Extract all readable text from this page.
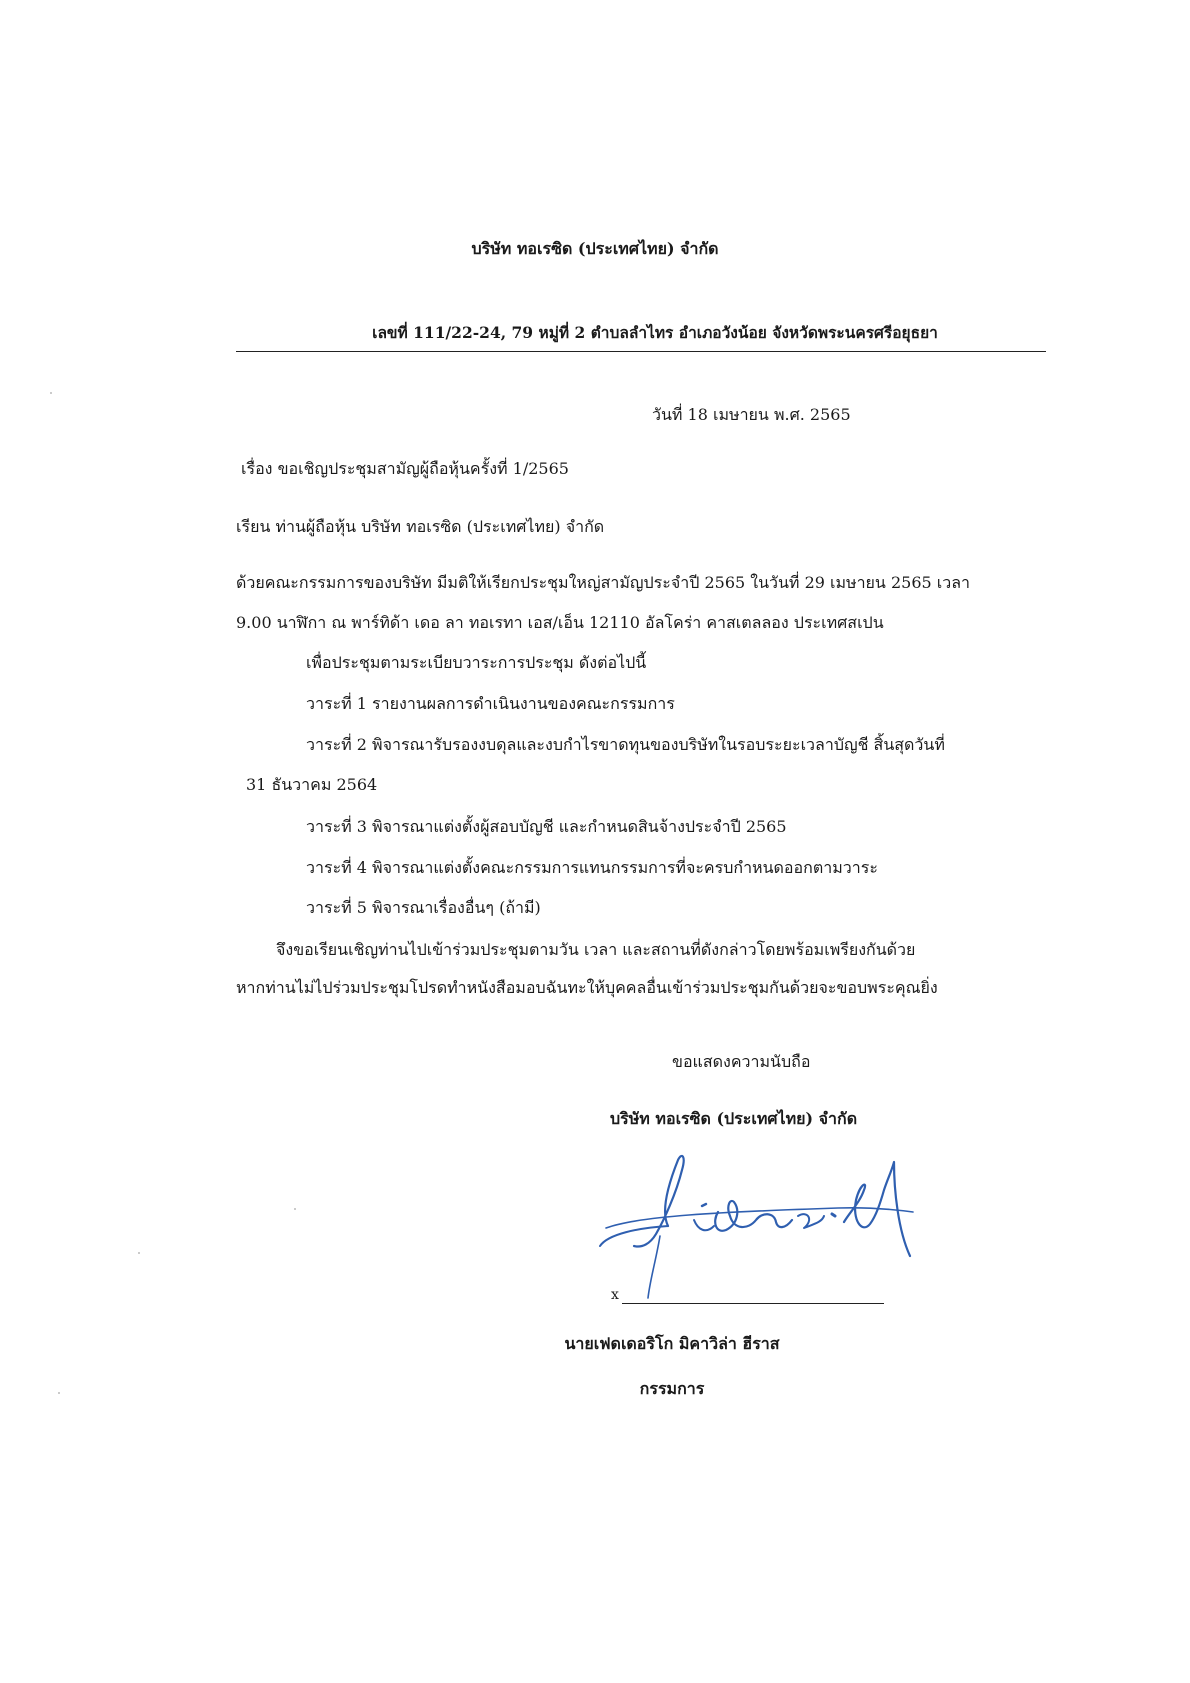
บริษัท ทอเรซิด (ประเทศไทย) จำกัด
เลขที่ 111/22-24, 79 หมู่ที่ 2 ตำบลลำไทร อำเภอวังน้อย จังหวัดพระนครศรีอยุธยา
วันที่ 18 เมษายน พ.ศ. 2565
เรื่อง ขอเชิญประชุมสามัญผู้ถือหุ้นครั้งที่ 1/2565
เรียน ท่านผู้ถือหุ้น บริษัท ทอเรซิด (ประเทศไทย) จำกัด
ด้วยคณะกรรมการของบริษัท มีมติให้เรียกประชุมใหญ่สามัญประจำปี 2565 ในวันที่ 29 เมษายน 2565 เวลา
9.00 นาฬิกา ณ พาร์ทิด้า เดอ ลา ทอเรทา เอส/เอ็น 12110 อัลโคร่า คาสเตลลอง ประเทศสเปน
เพื่อประชุมตามระเบียบวาระการประชุม ดังต่อไปนี้
วาระที่ 1 รายงานผลการดำเนินงานของคณะกรรมการ
วาระที่ 2 พิจารณารับรองงบดุลและงบกำไรขาดทุนของบริษัทในรอบระยะเวลาบัญชี สิ้นสุดวันที่
31 ธันวาคม 2564
วาระที่ 3 พิจารณาแต่งตั้งผู้สอบบัญชี และกำหนดสินจ้างประจำปี 2565
วาระที่ 4 พิจารณาแต่งตั้งคณะกรรมการแทนกรรมการที่จะครบกำหนดออกตามวาระ
วาระที่ 5 พิจารณาเรื่องอื่นๆ (ถ้ามี)
จึงขอเรียนเชิญท่านไปเข้าร่วมประชุมตามวัน เวลา และสถานที่ดังกล่าวโดยพร้อมเพรียงกันด้วย
หากท่านไม่ไปร่วมประชุมโปรดทำหนังสือมอบฉันทะให้บุคคลอื่นเข้าร่วมประชุมกันด้วยจะขอบพระคุณยิ่ง
ขอแสดงความนับถือ
บริษัท ทอเรซิด (ประเทศไทย) จำกัด
x
นายเฟดเดอริโก มิคาวิล่า ฮีราส
กรรมการ
